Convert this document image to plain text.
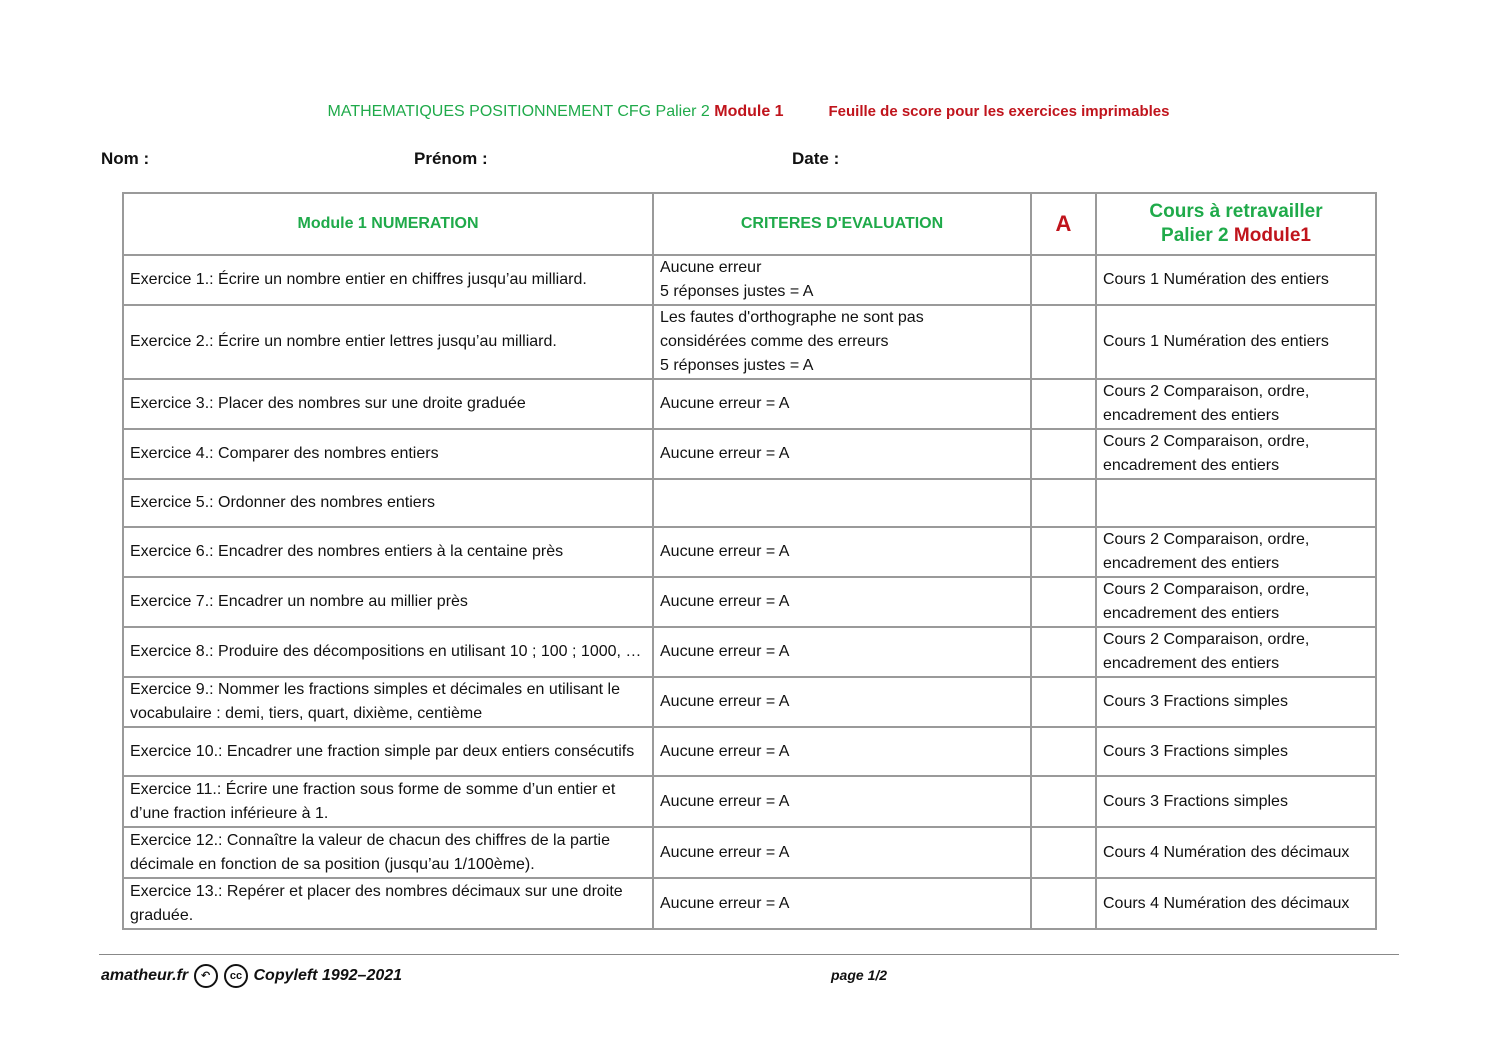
MATHEMATIQUES POSITIONNEMENT CFG Palier 2 Module 1	Feuille de score pour les exercices imprimables
Nom :	Prénom :	Date :
Module 1 NUMERATION	CRITERES D'EVALUATION	A	Cours à retravailler
Palier 2 Module1
Exercice 1.: Écrire un nombre entier en chiffres jusqu’au milliard.	Aucune erreur
5 réponses justes = A		Cours 1 Numération des entiers
Exercice 2.: Écrire un nombre entier lettres jusqu’au milliard.	Les fautes d'orthographe ne sont pas
considérées comme des erreurs
5 réponses justes = A		Cours 1 Numération des entiers
Exercice 3.: Placer des nombres sur une droite graduée	Aucune erreur = A		Cours 2 Comparaison, ordre, encadrement des entiers
Exercice 4.: Comparer des nombres entiers	Aucune erreur = A		Cours 2 Comparaison, ordre, encadrement des entiers
Exercice 5.: Ordonner des nombres entiers			
Exercice 6.: Encadrer des nombres entiers à la centaine près	Aucune erreur = A		Cours 2 Comparaison, ordre, encadrement des entiers
Exercice 7.: Encadrer un nombre au millier près	Aucune erreur = A		Cours 2 Comparaison, ordre, encadrement des entiers
Exercice 8.: Produire des décompositions en utilisant 10 ; 100 ; 1000, …	Aucune erreur = A		Cours 2 Comparaison, ordre, encadrement des entiers
Exercice 9.: Nommer les fractions simples et décimales en utilisant le vocabulaire : demi, tiers, quart, dixième, centième	Aucune erreur = A		Cours 3 Fractions simples
Exercice 10.: Encadrer une fraction simple par deux entiers consécutifs	Aucune erreur = A		Cours 3 Fractions simples
Exercice 11.: Écrire une fraction sous forme de somme d’un entier et d’une fraction inférieure à 1.	Aucune erreur = A		Cours 3 Fractions simples
Exercice 12.: Connaître la valeur de chacun des chiffres de la partie décimale en fonction de sa position (jusqu’au 1/100ème).	Aucune erreur = A		Cours 4 Numération des décimaux
Exercice 13.: Repérer et placer des nombres décimaux sur une droite graduée.	Aucune erreur = A		Cours 4 Numération des décimaux
amatheur.fr ↶ cc Copyleft 1992–2021	page 1/2
